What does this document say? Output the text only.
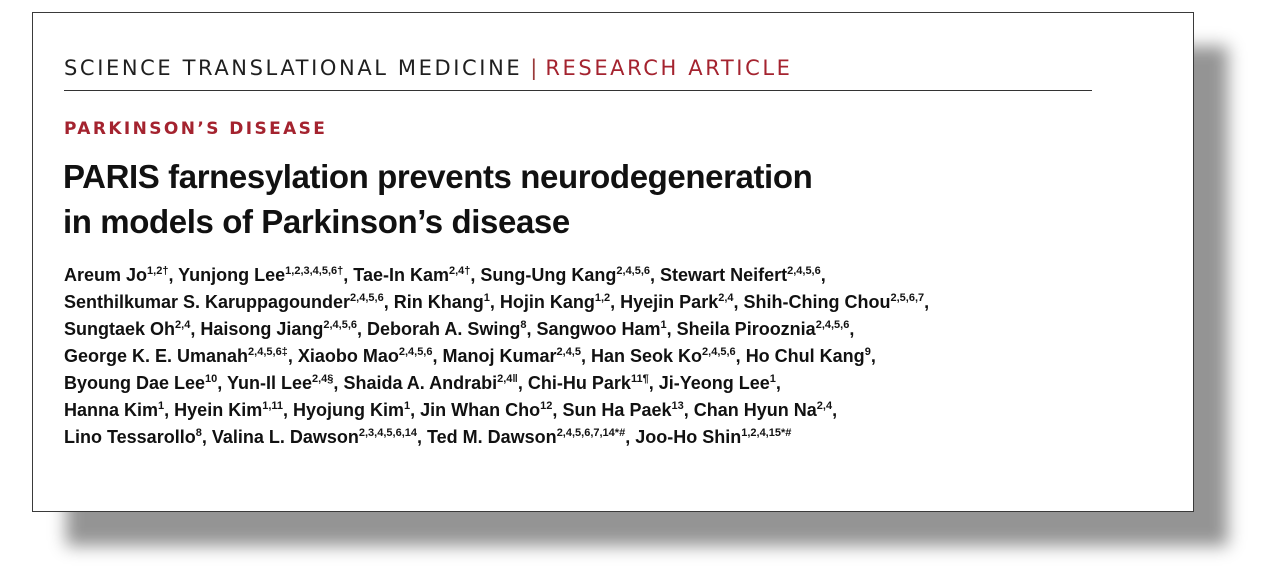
SCIENCE TRANSLATIONAL MEDICINE | RESEARCH ARTICLE
PARKINSON’S DISEASE
PARIS farnesylation prevents neurodegeneration
in models of Parkinson’s disease
Areum $Jo^{1,2\dagger}$, Yunjong Lee$^{1,2,3,4,5,6\dagger}$, Tae-In Kam$^{2,4\dagger}$, Sung-Ung Kang$^{2,4,5,6}$, Stewart Neifert$^{2,4,5,6}$,
Senthilkumar S. Karuppagounder$^{2,4,5,6}$, Rin Khang$^1$, Hojin Kang$^{1,2}$, Hyejin Park$^{2,4}$, Shih-Ching Chou$^{2,5,6,7}$,
Sungtaek Oh$^{2,4}$, Haisong Jiang$^{2,4,5,6}$, Deborah A. Swing$^8$, Sangwoo Ham$^1$, Sheila Pirooznia$^{2,4,5,6}$,
George K. E. Umanah$^{2,4,5,6\ddagger}$, Xiaobo Mao$^{2,4,5,6}$, Manoj Kumar$^{2,4,5}$, Han Seok Ko$^{2,4,5,6}$, Ho Chul Kang$^9$,
Byoung Dae Lee$^{10}$, Yun-Il Lee$^{2,4\S}$, Shaida A. Andrabi$^{2,4‖}$, Chi-Hu Park$^{11\P}$, Ji-Yeong Lee$^1$,
Hanna Kim$^1$, Hyein Kim$^{1,11}$, Hyojung Kim$^1$, Jin Whan Cho$^{12}$, Sun Ha Paek$^{13}$, Chan Hyun Na$^{2,4}$,
Lino Tessarollo$^8$, Valina L. Dawson$^{2,3,4,5,6,14}$, Ted M. Dawson$^{2,4,5,6,7,14*\#}$, Joo-Ho Shin$^{1,2,4,15*\#}$
